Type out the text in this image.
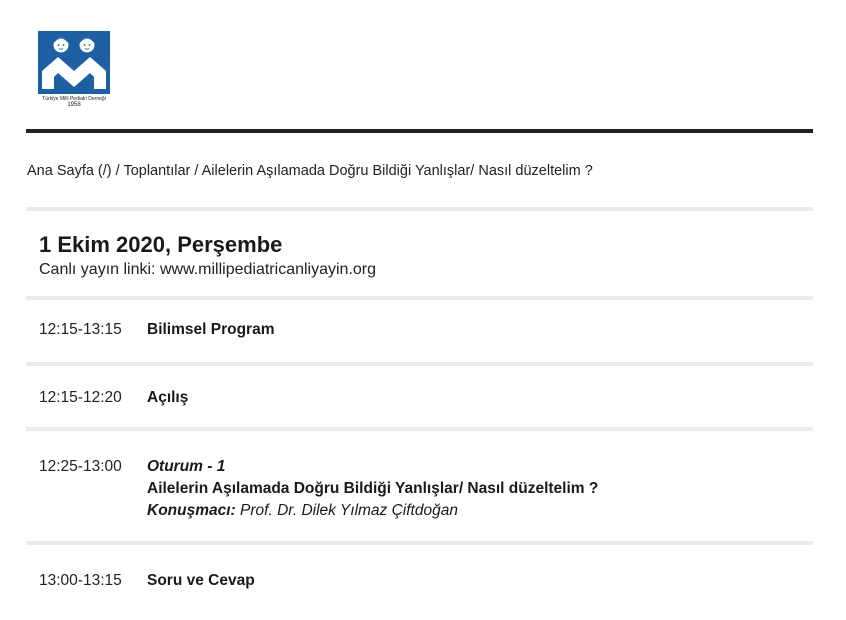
Türkiye Milli Pediatri Derneği
1958
Ana Sayfa (/) / Toplantılar / Ailelerin Aşılamada Doğru Bildiği Yanlışlar/ Nasıl düzeltelim ?
1 Ekim 2020, Perşembe
Canlı yayın linki: www.millipediatricanliyayin.org
12:15-13:15	Bilimsel Program
12:15-12:20	Açılış
12:25-13:00	Oturum - 1
Ailelerin Aşılamada Doğru Bildiği Yanlışlar/ Nasıl düzeltelim ?
Konuşmacı: Prof. Dr. Dilek Yılmaz Çiftdoğan
13:00-13:15	Soru ve Cevap
